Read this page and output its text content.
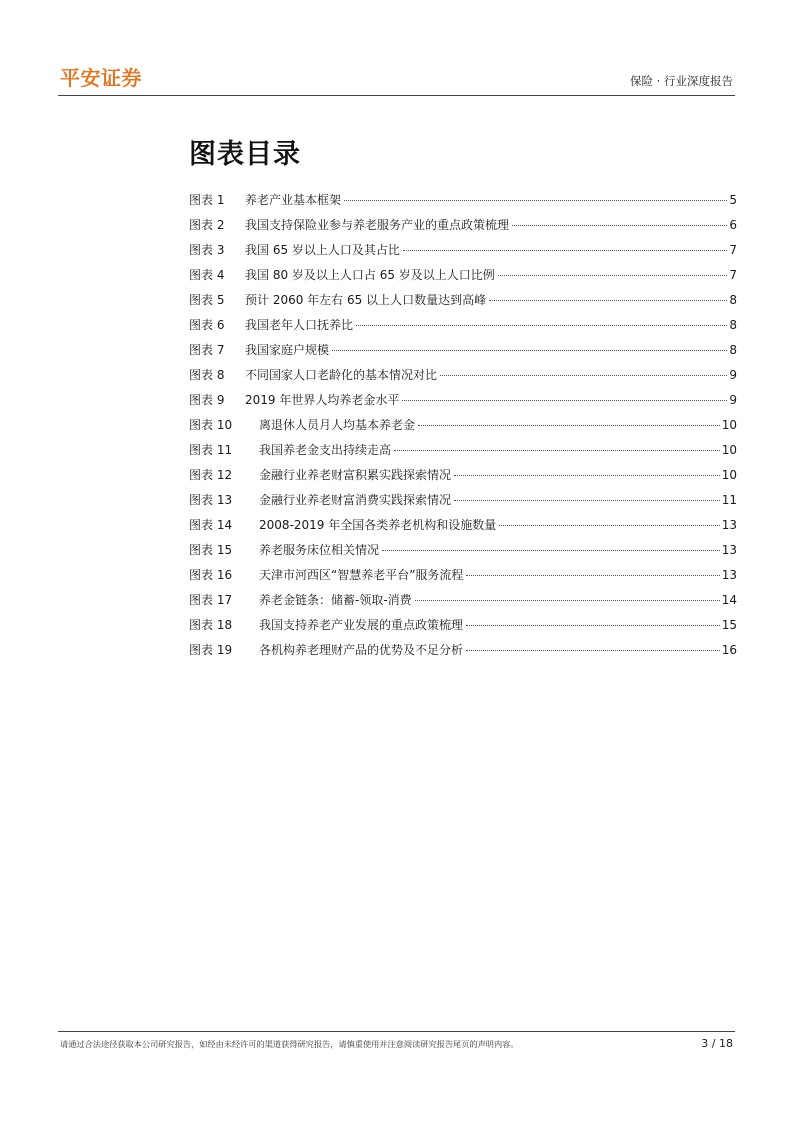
平安证券	保险 · 行业深度报告
图表目录
图表 1	养老产业基本框架	5
图表 2	我国支持保险业参与养老服务产业的重点政策梳理	6
图表 3	我国 65 岁以上人口及其占比	7
图表 4	我国 80 岁及以上人口占 65 岁及以上人口比例	7
图表 5	预计 2060 年左右 65 以上人口数量达到高峰	8
图表 6	我国老年人口抚养比	8
图表 7	我国家庭户规模	8
图表 8	不同国家人口老龄化的基本情况对比	9
图表 9	2019 年世界人均养老金水平	9
图表 10	离退休人员月人均基本养老金	10
图表 11	我国养老金支出持续走高	10
图表 12	金融行业养老财富积累实践探索情况	10
图表 13	金融行业养老财富消费实践探索情况	11
图表 14	2008-2019 年全国各类养老机构和设施数量	13
图表 15	养老服务床位相关情况	13
图表 16	天津市河西区“智慧养老平台”服务流程	13
图表 17	养老金链条：储蓄-领取-消费	14
图表 18	我国支持养老产业发展的重点政策梳理	15
图表 19	各机构养老理财产品的优势及不足分析	16
请通过合法途径获取本公司研究报告，如经由未经许可的渠道获得研究报告，请慎重使用并注意阅读研究报告尾页的声明内容。	3 / 18
